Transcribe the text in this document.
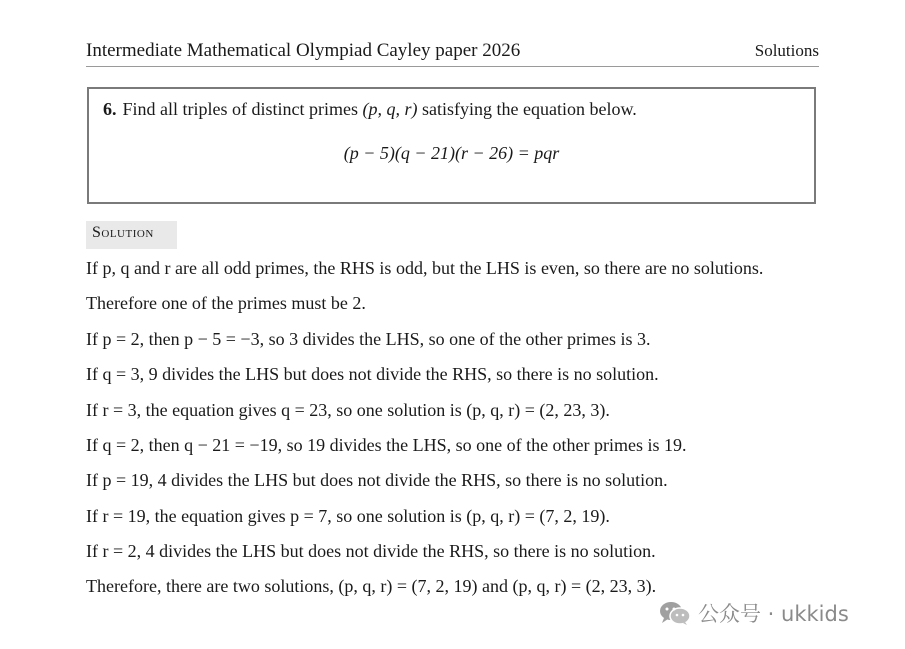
Intermediate Mathematical Olympiad Cayley paper 2026	Solutions
6. Find all triples of distinct primes (p, q, r) satisfying the equation below.
(p − 5)(q − 21)(r − 26) = pqr
Solution
If p, q and r are all odd primes, the RHS is odd, but the LHS is even, so there are no solutions.
Therefore one of the primes must be 2.
If p = 2, then p − 5 = −3, so 3 divides the LHS, so one of the other primes is 3.
If q = 3, 9 divides the LHS but does not divide the RHS, so there is no solution.
If r = 3, the equation gives q = 23, so one solution is (p, q, r) = (2, 23, 3).
If q = 2, then q − 21 = −19, so 19 divides the LHS, so one of the other primes is 19.
If p = 19, 4 divides the LHS but does not divide the RHS, so there is no solution.
If r = 19, the equation gives p = 7, so one solution is (p, q, r) = (7, 2, 19).
If r = 2, 4 divides the LHS but does not divide the RHS, so there is no solution.
Therefore, there are two solutions, (p, q, r) = (7, 2, 19) and (p, q, r) = (2, 23, 3).
公众号 · ukkids
